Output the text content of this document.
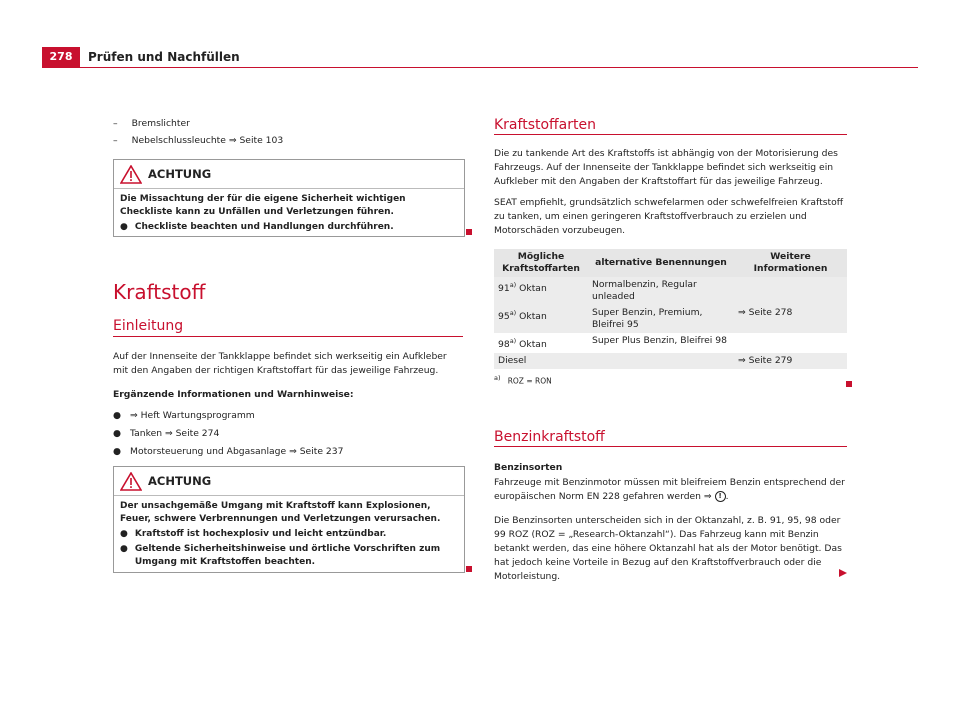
278	Prüfen und Nachfüllen
– Bremslichter
– Nebelschlussleuchte ⇒ Seite 103
ACHTUNG
Die Missachtung der für die eigene Sicherheit wichtigen Checkliste kann zu Unfällen und Verletzungen führen.
● Checkliste beachten und Handlungen durchführen.
Kraftstoff
Einleitung
Auf der Innenseite der Tankklappe befindet sich werkseitig ein Aufkleber mit den Angaben der richtigen Kraftstoffart für das jeweilige Fahrzeug.
Ergänzende Informationen und Warnhinweise:
● ⇒ Heft Wartungsprogramm
● Tanken ⇒ Seite 274
● Motorsteuerung und Abgasanlage ⇒ Seite 237
ACHTUNG
Der unsachgemäße Umgang mit Kraftstoff kann Explosionen, Feuer, schwere Verbrennungen und Verletzungen verursachen.
● Kraftstoff ist hochexplosiv und leicht entzündbar.
● Geltende Sicherheitshinweise und örtliche Vorschriften zum Umgang mit Kraftstoffen beachten.
Kraftstoffarten
Die zu tankende Art des Kraftstoffs ist abhängig von der Motorisierung des Fahrzeugs. Auf der Innenseite der Tankklappe befindet sich werkseitig ein Aufkleber mit den Angaben der Kraftstoffart für das jeweilige Fahrzeug.
SEAT empfiehlt, grundsätzlich schwefelarmen oder schwefelfreien Kraftstoff zu tanken, um einen geringeren Kraftstoffverbrauch zu erzielen und Motorschäden vorzubeugen.
Mögliche Kraftstoffarten	alternative Benennungen	Weitere Informationen
91$^{a)}$ Oktan	Normalbenzin, Regular unleaded	
95$^{a)}$ Oktan	Super Benzin, Premium, Bleifrei 95	⇒ Seite 278
98$^{a)}$ Oktan	Super Plus Benzin, Bleifrei 98	
Diesel		⇒ Seite 279
$^{a)}$ ROZ = RON
Benzinkraftstoff
Benzinsorten
Fahrzeuge mit Benzinmotor müssen mit bleifreiem Benzin entsprechend der europäischen Norm EN 228 gefahren werden ⇒ ! .
Die Benzinsorten unterscheiden sich in der Oktanzahl, z. B. 91, 95, 98 oder 99 ROZ (ROZ = „Research-Oktanzahl“). Das Fahrzeug kann mit Benzin betankt werden, das eine höhere Oktanzahl hat als der Motor benötigt. Das hat jedoch keine Vorteile in Bezug auf den Kraftstoffverbrauch oder die Motorleistung.
